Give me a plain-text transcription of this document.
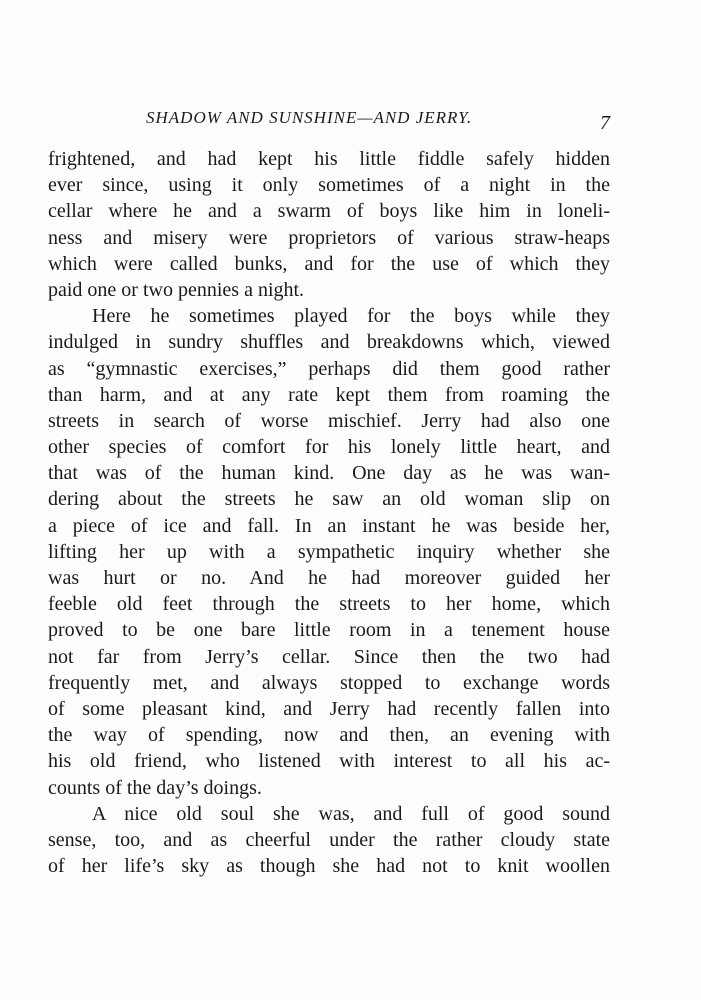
SHADOW AND SUNSHINE—AND JERRY.	7
frightened, and had kept his little fiddle safely hidden
ever since, using it only sometimes of a night in the
cellar where he and a swarm of boys like him in loneli-
ness and misery were proprietors of various straw-heaps
which were called bunks, and for the use of which they
paid one or two pennies a night.
Here he sometimes played for the boys while they
indulged in sundry shuffles and breakdowns which, viewed
as “gymnastic exercises,” perhaps did them good rather
than harm, and at any rate kept them from roaming the
streets in search of worse mischief. Jerry had also one
other species of comfort for his lonely little heart, and
that was of the human kind. One day as he was wan-
dering about the streets he saw an old woman slip on
a piece of ice and fall. In an instant he was beside her,
lifting her up with a sympathetic inquiry whether she
was hurt or no. And he had moreover guided her
feeble old feet through the streets to her home, which
proved to be one bare little room in a tenement house
not far from Jerry’s cellar. Since then the two had
frequently met, and always stopped to exchange words
of some pleasant kind, and Jerry had recently fallen into
the way of spending, now and then, an evening with
his old friend, who listened with interest to all his ac-
counts of the day’s doings.
A nice old soul she was, and full of good sound
sense, too, and as cheerful under the rather cloudy state
of her life’s sky as though she had not to knit woollen
